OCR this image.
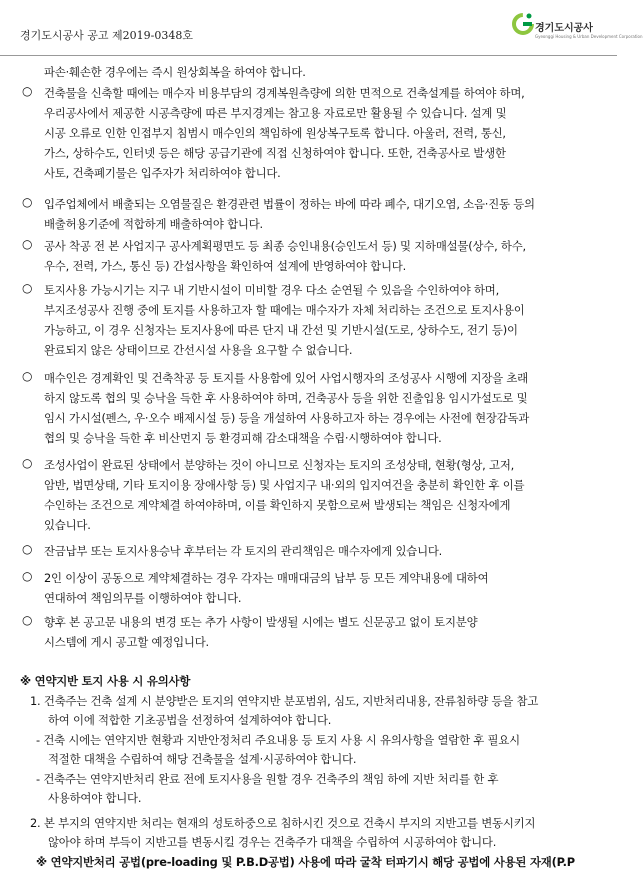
경기도시공사 공고 제2019-0348호
경기도시공사
Gyeonggi Housing & Urban Development Corporation
파손·훼손한 경우에는 즉시 원상회복을 하여야 합니다.
○ 건축물을 신축할 때에는 매수자 비용부담의 경계복원측량에 의한 면적으로 건축설계를 하여야 하며,
우리공사에서 제공한 시공측량에 따른 부지경계는 참고용 자료로만 활용될 수 있습니다. 설계 및
시공 오류로 인한 인접부지 침범시 매수인의 책임하에 원상복구토록 합니다. 아울러, 전력, 통신,
가스, 상하수도, 인터넷 등은 해당 공급기관에 직접 신청하여야 합니다. 또한, 건축공사로 발생한
사토, 건축폐기물은 입주자가 처리하여야 합니다.
○ 입주업체에서 배출되는 오염물질은 환경관련 법률이 정하는 바에 따라 폐수, 대기오염, 소음·진동 등의
배출허용기준에 적합하게 배출하여야 합니다.
○ 공사 착공 전 본 사업지구 공사계획평면도 등 최종 승인내용(승인도서 등) 및 지하매설물(상수, 하수,
우수, 전력, 가스, 통신 등) 간섭사항을 확인하여 설계에 반영하여야 합니다.
○ 토지사용 가능시기는 지구 내 기반시설이 미비할 경우 다소 순연될 수 있음을 수인하여야 하며,
부지조성공사 진행 중에 토지를 사용하고자 할 때에는 매수자가 자체 처리하는 조건으로 토지사용이
가능하고, 이 경우 신청자는 토지사용에 따른 단지 내 간선 및 기반시설(도로, 상하수도, 전기 등)이
완료되지 않은 상태이므로 간선시설 사용을 요구할 수 없습니다.
○ 매수인은 경계확인 및 건축착공 등 토지를 사용함에 있어 사업시행자의 조성공사 시행에 지장을 초래
하지 않도록 협의 및 승낙을 득한 후 사용하여야 하며, 건축공사 등을 위한 진출입용 임시가설도로 및
임시 가시설(펜스, 우·오수 배제시설 등) 등을 개설하여 사용하고자 하는 경우에는 사전에 현장감독과
협의 및 승낙을 득한 후 비산먼지 등 환경피해 감소대책을 수립·시행하여야 합니다.
○ 조성사업이 완료된 상태에서 분양하는 것이 아니므로 신청자는 토지의 조성상태, 현황(형상, 고저,
암반, 법면상태, 기타 토지이용 장애사항 등) 및 사업지구 내·외의 입지여건을 충분히 확인한 후 이를
수인하는 조건으로 계약체결 하여야하며, 이를 확인하지 못함으로써 발생되는 책임은 신청자에게
있습니다.
○ 잔금납부 또는 토지사용승낙 후부터는 각 토지의 관리책임은 매수자에게 있습니다.
○ 2인 이상이 공동으로 계약체결하는 경우 각자는 매매대금의 납부 등 모든 계약내용에 대하여
연대하여 책임의무를 이행하여야 합니다.
○ 향후 본 공고문 내용의 변경 또는 추가 사항이 발생될 시에는 별도 신문공고 없이 토지분양
시스템에 게시 공고할 예정입니다.
※ 연약지반 토지 사용 시 유의사항
1. 건축주는 건축 설계 시 분양받은 토지의 연약지반 분포범위, 심도, 지반처리내용, 잔류침하량 등을 참고
하여 이에 적합한 기초공법을 선정하여 설계하여야 합니다.
- 건축 시에는 연약지반 현황과 지반안정처리 주요내용 등 토지 사용 시 유의사항을 열람한 후 필요시
적절한 대책을 수립하여 해당 건축물을 설계·시공하여야 합니다.
- 건축주는 연약지반처리 완료 전에 토지사용을 원할 경우 건축주의 책임 하에 지반 처리를 한 후
사용하여야 합니다.
2. 본 부지의 연약지반 처리는 현재의 성토하중으로 침하시킨 것으로 건축시 부지의 지반고를 변동시키지
않아야 하며 부득이 지반고를 변동시킬 경우는 건축주가 대책을 수립하여 시공하여야 합니다.
※ 연약지반처리 공법(pre-loading 및 P.B.D공법) 사용에 따라 굴착 터파기시 해당 공법에 사용된 자재(P.P
